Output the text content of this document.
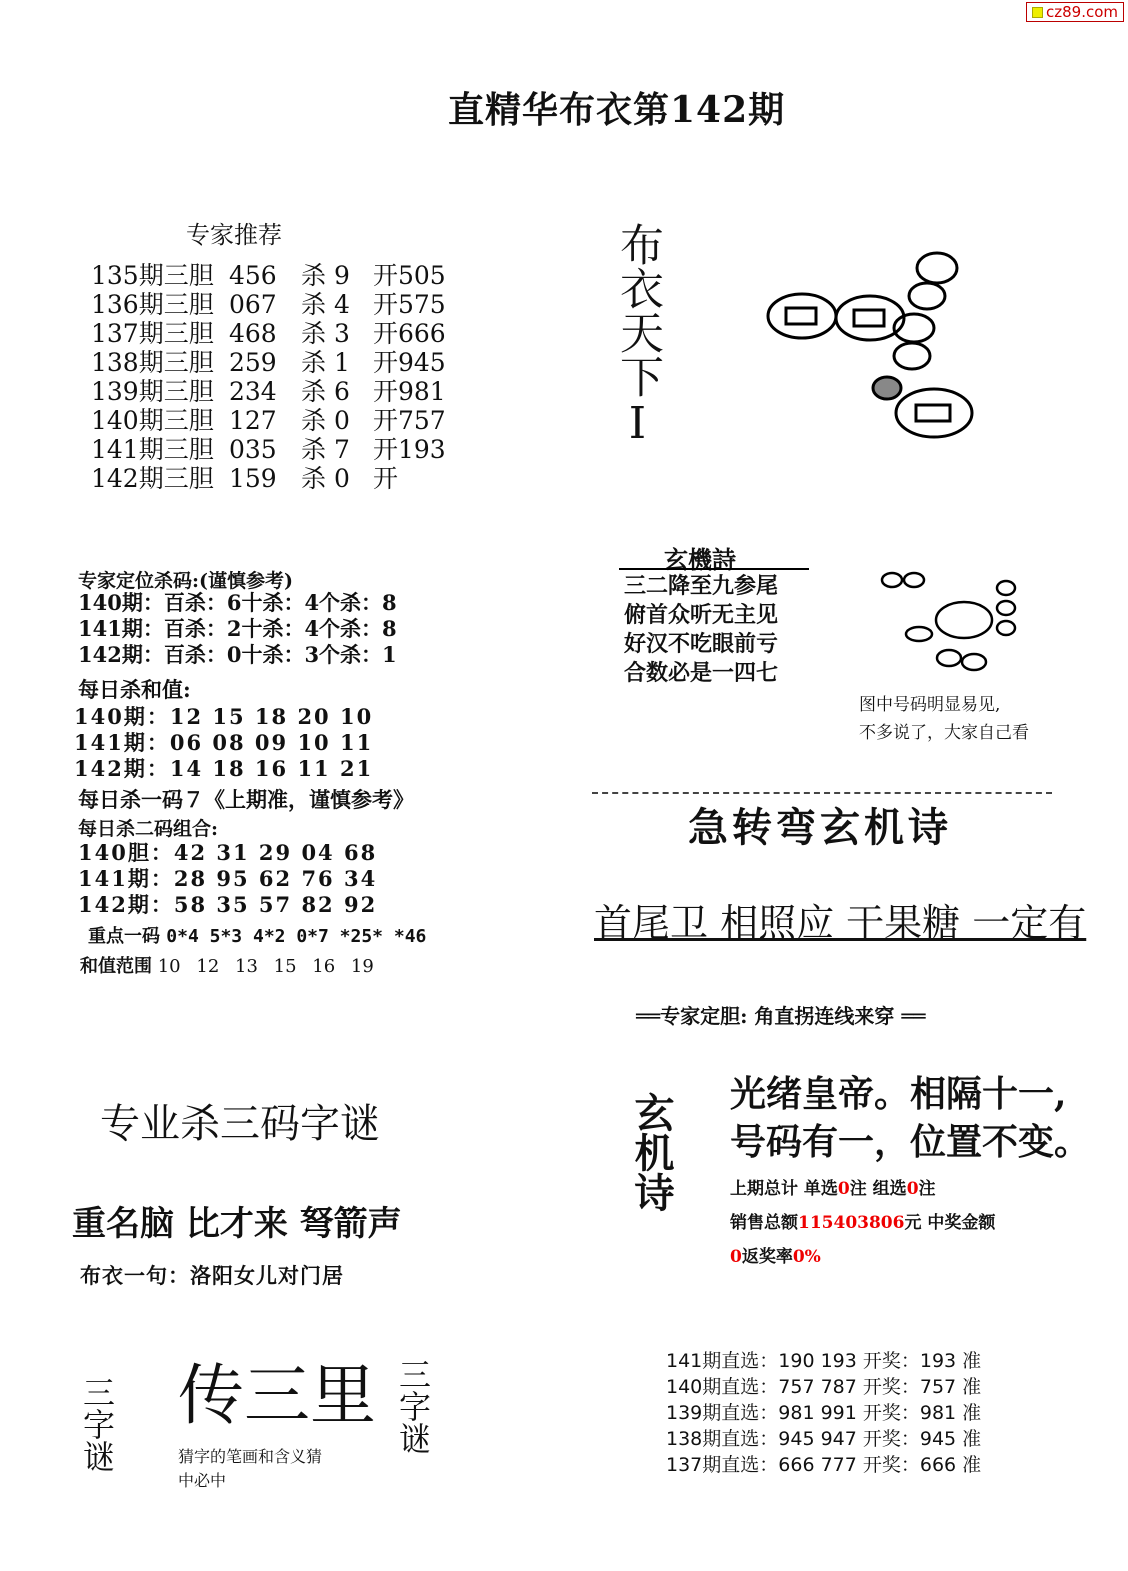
cz89.com
直精华布衣第142期
专家推荐
135期三胆 456 杀 9 开505
136期三胆 067 杀 4 开575
137期三胆 468 杀 3 开666
138期三胆 259 杀 1 开945
139期三胆 234 杀 6 开981
140期三胆 127 杀 0 开757
141期三胆 035 杀 7 开193
142期三胆 159 杀 0 开
布衣天下I
专家定位杀码:(谨慎参考)
140期：百杀：6十杀：4个杀：8
141期：百杀：2十杀：4个杀：8
142期：百杀：0十杀：3个杀：1
每日杀和值:
140期：12 15 18 20 10
141期：06 08 09 10 11
142期：14 18 16 11 21
每日杀一码７《上期准，谨慎参考》
每日杀二码组合:
140胆：42 31 29 04 68
141期：28 95 62 76 34
142期：58 35 57 82 92
重点一码 0*4 5*3 4*2 0*7 *25* *46
和值范围 10 12 13 15 16 19
玄機詩
三二降至九参尾
俯首众听无主见
好汉不吃眼前亏
合数必是一四七
图中号码明显易见,
不多说了，大家自己看
急转弯玄机诗
首尾卫 相照应 干果糖 一定有
专业杀三码字谜
重名脑 比才来 弩箭声
布衣一句：洛阳女儿对门居
三字谜 传三里
猜字的笔画和含义猜
中必中
三字谜
══专家定胆: 角直拐连线来穿 ══
玄机诗 光绪皇帝。相隔十一,
号码有一，位置不变。
上期总计 单选0注 组选0注
销售总额115403806元 中奖金额
0返奖率0%
141期直选：190 193 开奖：193 准
140期直选：757 787 开奖：757 准
139期直选：981 991 开奖：981 准
138期直选：945 947 开奖：945 准
137期直选：666 777 开奖：666 准
